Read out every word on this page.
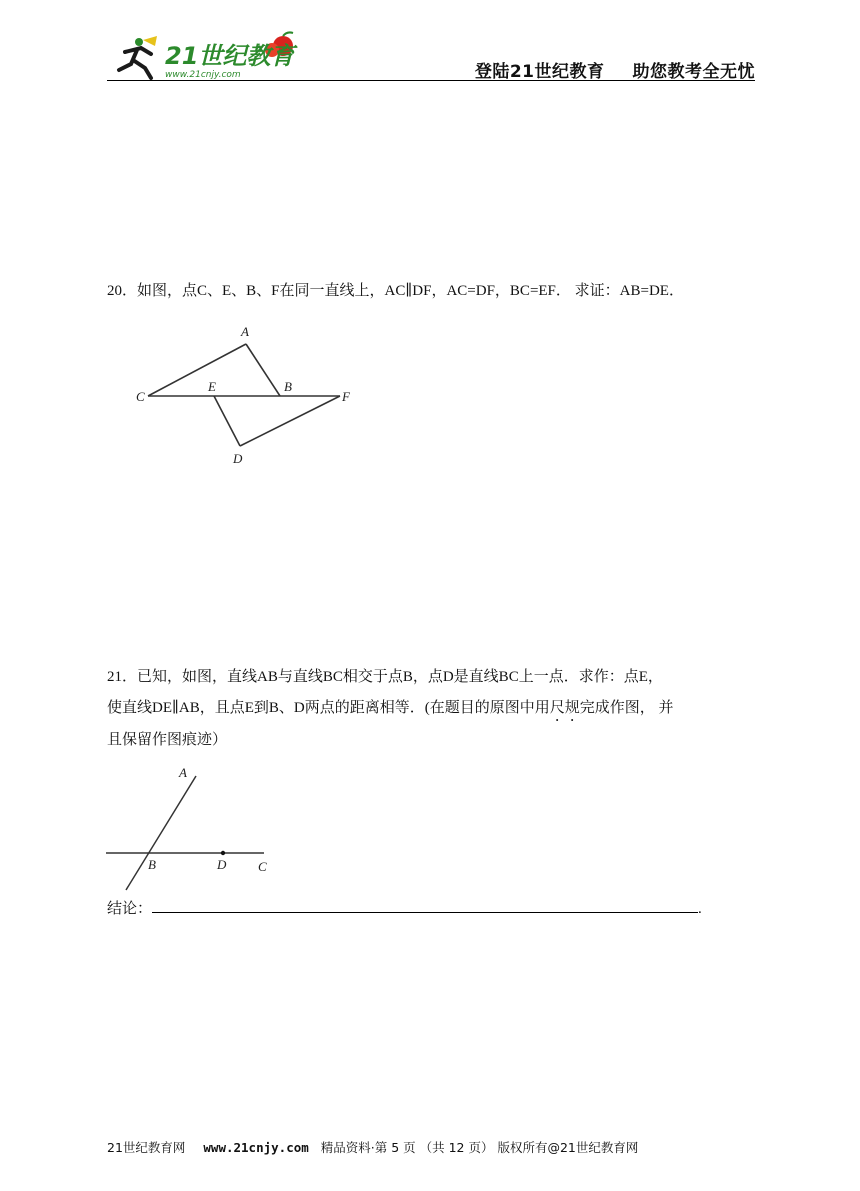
21世纪教育
www.21cnjy.com	登陆21世纪教育 助您教考全无忧
20．如图，点C、E、B、F在同一直线上，AC∥DF，AC=DF，BC=EF． 求证：AB=DE．
A
C
E	B
F
D
21．已知，如图，直线AB与直线BC相交于点B，点D是直线BC上一点．求作：点E，
使直线DE∥AB，且点E到B、D两点的距离相等．(在题目的原图中用尺规完成作图， 并
且保留作图痕迹）
A
B	D C
结论：	.
21世纪教育网 www.21cnjy.com 精品资料·第 5 页 （共 12 页） 版权所有@21世纪教育网
